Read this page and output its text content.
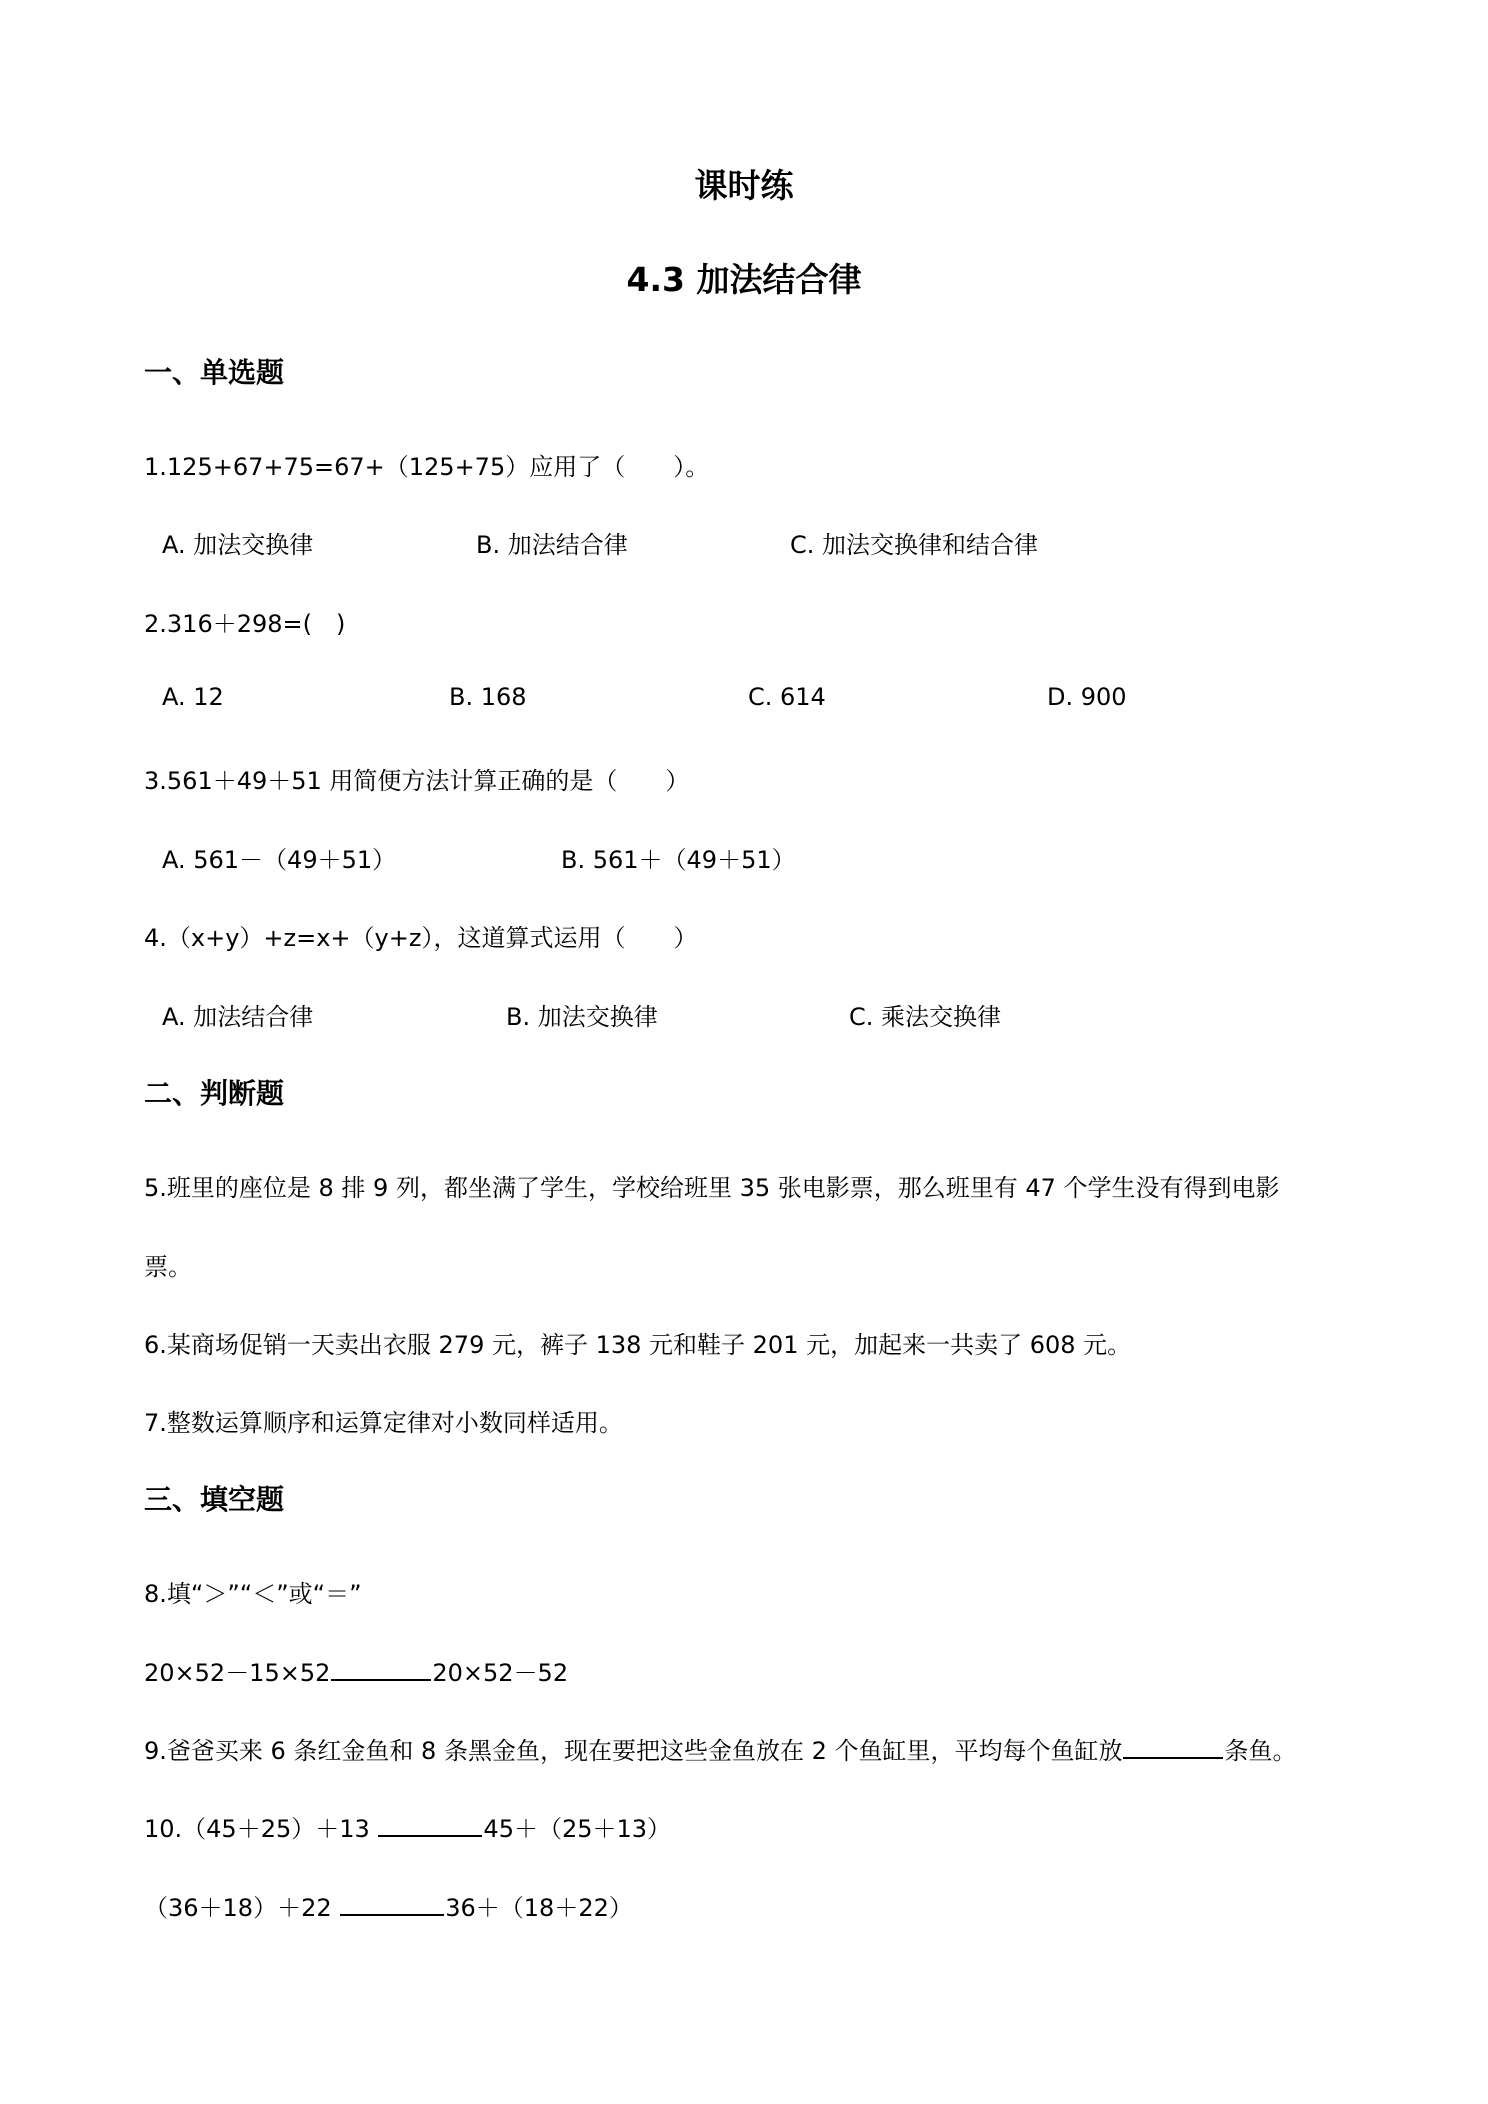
课时练
4.3 加法结合律
一、单选题
1.125+67+75=67+（125+75）应用了（　　）。
A. 加法交换律	B. 加法结合律	C. 加法交换律和结合律
2.316＋298=(　)
A. 12	B. 168	C. 614	D. 900
3.561＋49＋51 用简便方法计算正确的是（　　）
A. 561－（49＋51）	B. 561＋（49＋51）
4.（x+y）+z=x+（y+z），这道算式运用（　　）
A. 加法结合律	B. 加法交换律	C. 乘法交换律
二、判断题
5.班里的座位是 8 排 9 列，都坐满了学生，学校给班里 35 张电影票，那么班里有 47 个学生没有得到电影
票。
6.某商场促销一天卖出衣服 279 元，裤子 138 元和鞋子 201 元，加起来一共卖了 608 元。
7.整数运算顺序和运算定律对小数同样适用。
三、填空题
8.填“＞”“＜”或“＝”
20×52－15×52	20×52－52
9.爸爸买来 6 条红金鱼和 8 条黑金鱼，现在要把这些金鱼放在 2 个鱼缸里，平均每个鱼缸放	条鱼。
10.（45＋25）＋13	45＋（25＋13）
（36＋18）＋22	36＋（18＋22）
